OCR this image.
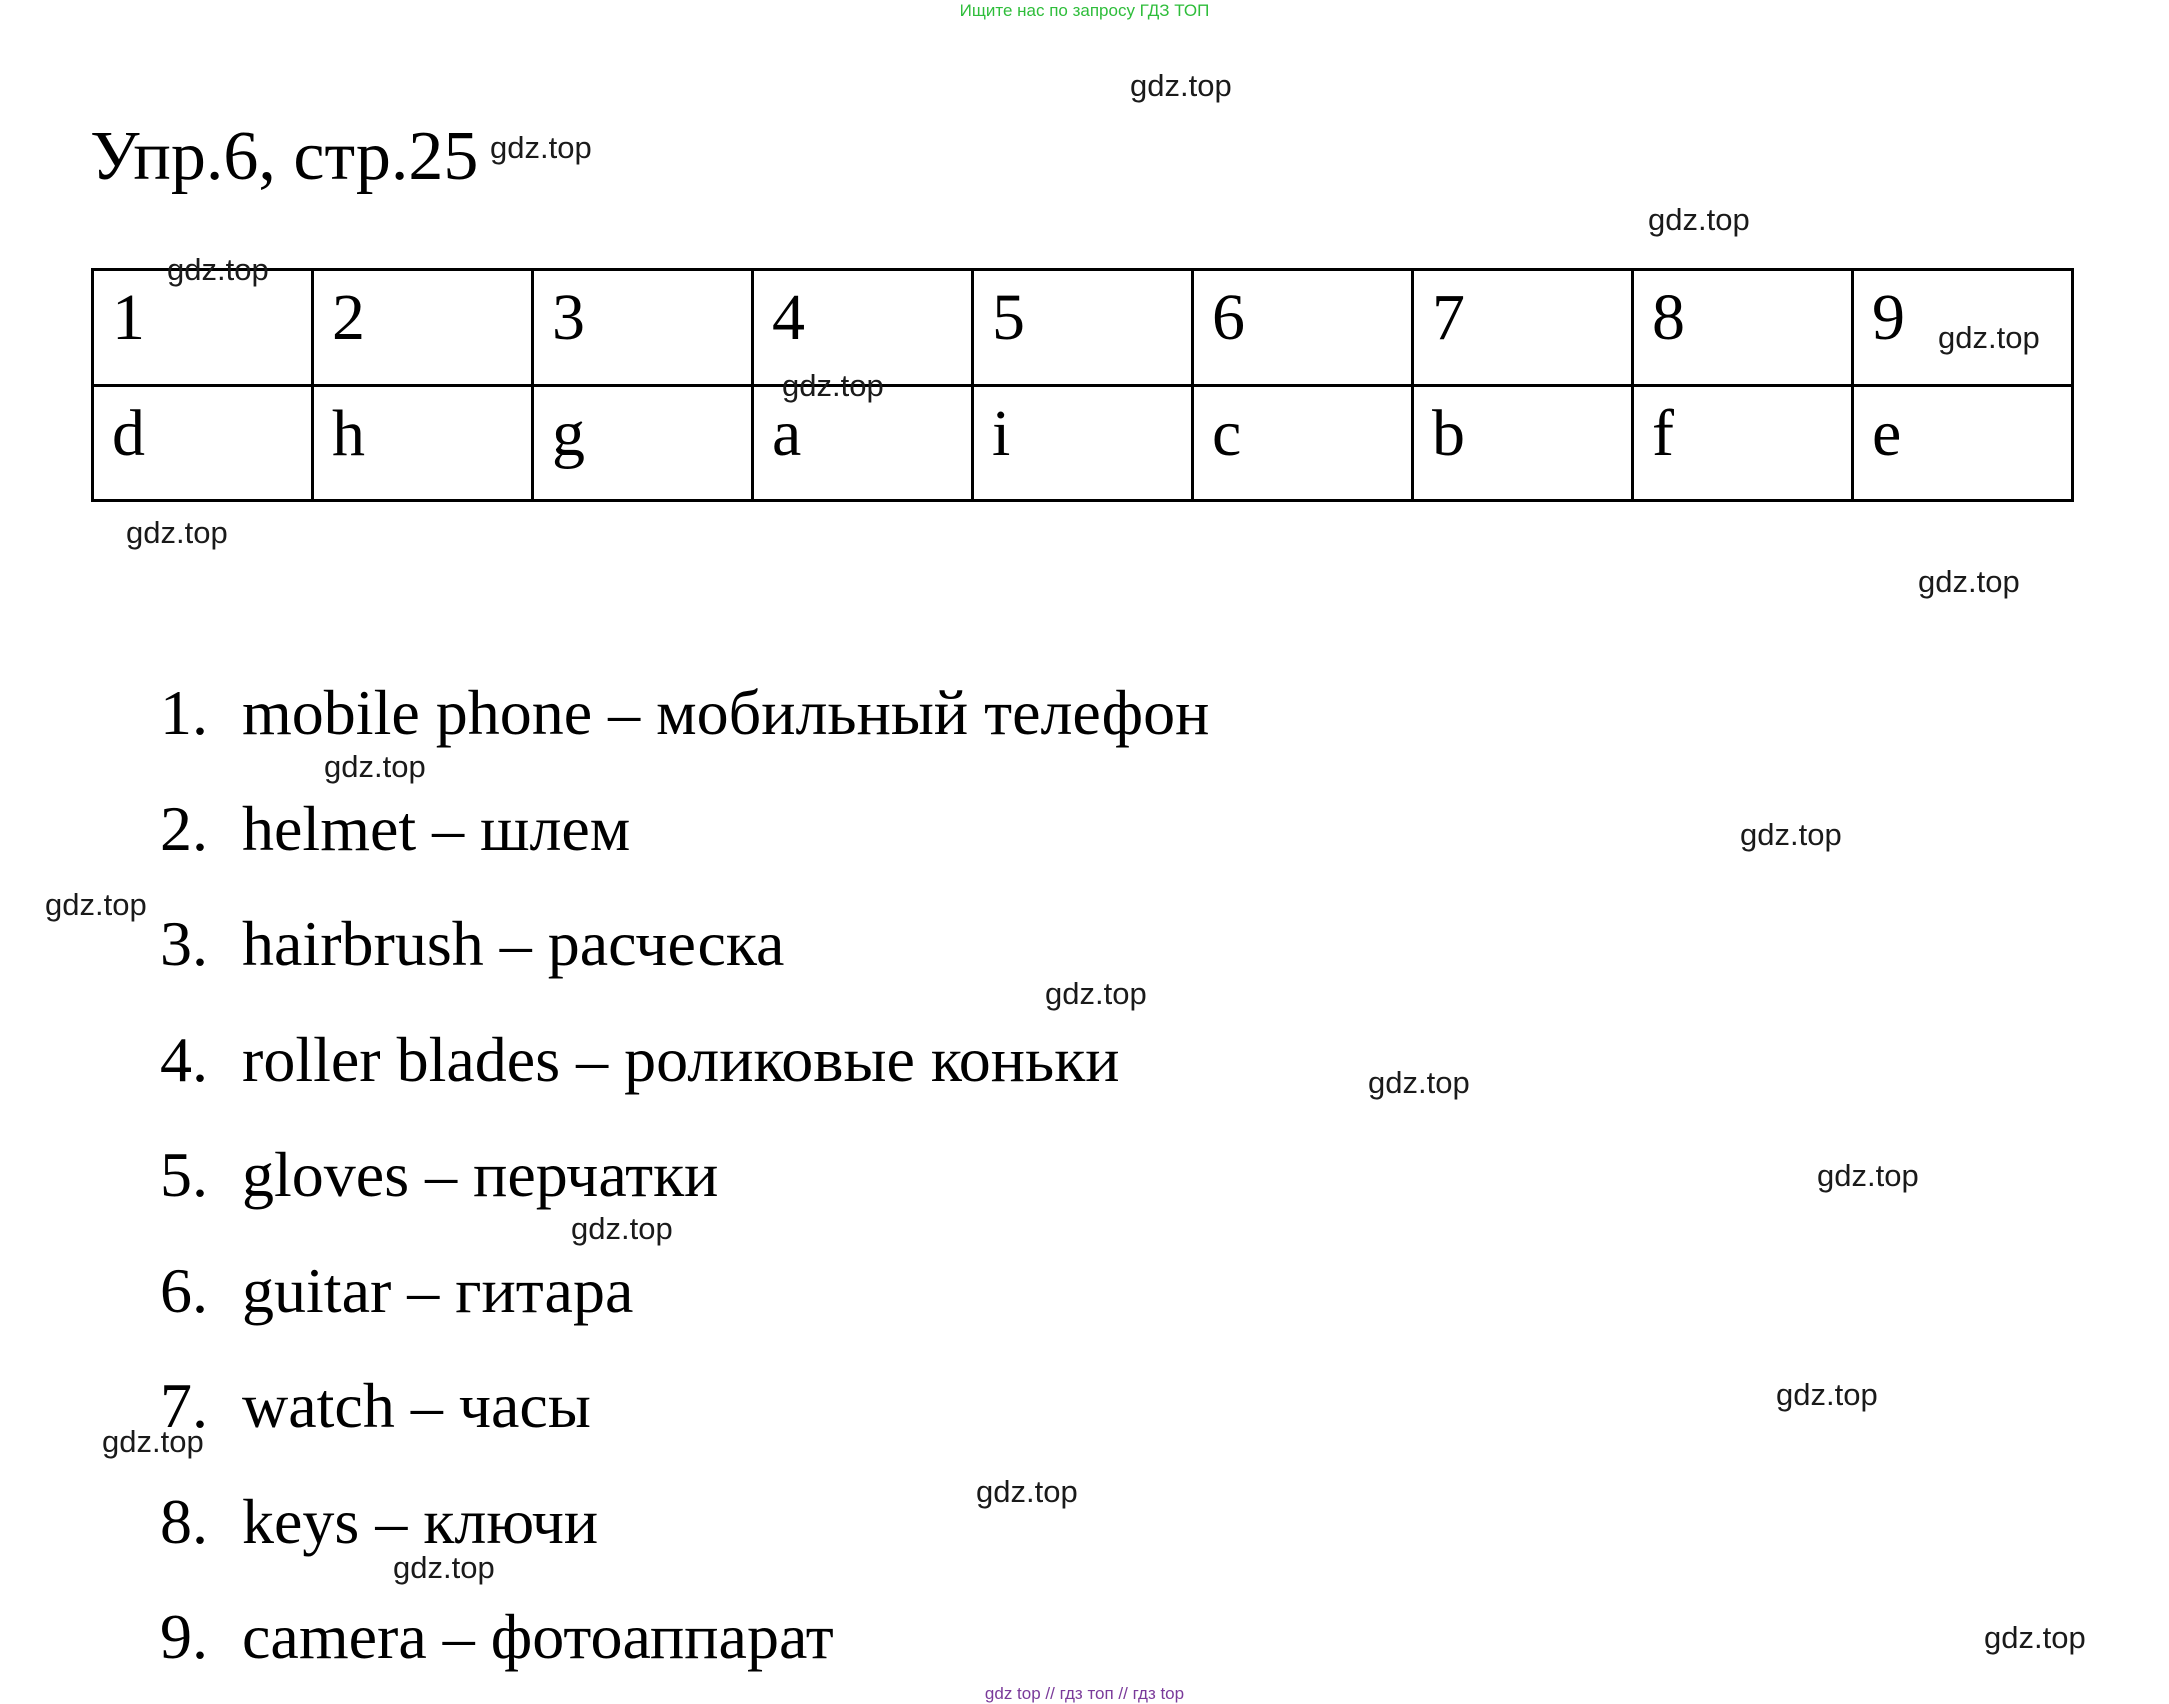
Ищите нас по запросу ГДЗ ТОП
Упр.6, стр.25
1	2	3	4	5	6	7	8	9

d	h	g	a	i	c	b	f	e
1. mobile phone – мобильный телефон
2. helmet – шлем
3. hairbrush – расческа
4. roller blades – роликовые коньки
5. gloves – перчатки
6. guitar – гитара
7. watch – часы
8. keys – ключи
9. camera – фотоаппарат
gdz.top
gdz.top
gdz.top
gdz.top
gdz.top
gdz.top
gdz.top
gdz.top
gdz.top
gdz.top
gdz.top
gdz.top
gdz.top
gdz.top
gdz.top
gdz.top
gdz.top
gdz.top
gdz.top
gdz.top
gdz top // гдз топ // гдз top
